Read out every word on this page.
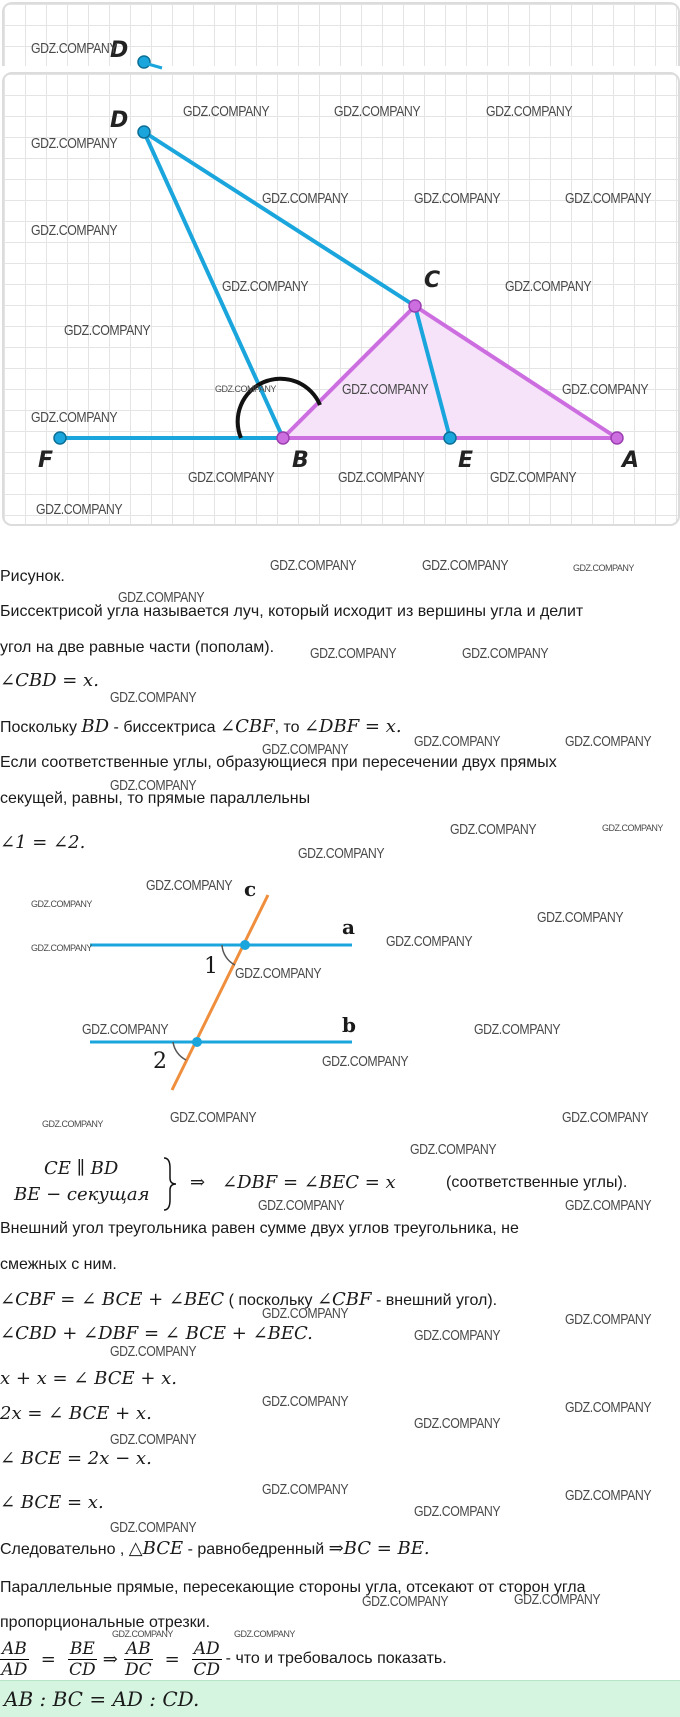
D
D
C
F	B	E	A
Рисунок.
Биссектрисой угла называется луч, который исходит из вершины угла и делит
угол на две равные части (пополам).
∠CBD = x.
Поскольку BD - биссектриса ∠CBF, то ∠DBF = x.
Если соответственные углы, образующиеся при пересечении двух прямых
секущей, равны, то прямые параллельны
∠1 = ∠2.
c
a
b
1
2
CE ∥ BD
BE − секущая
⇒ ∠DBF = ∠BEC = x	(соответственные углы).
Внешний угол треугольника равен сумме двух углов треугольника, не
смежных с ним.
∠CBF = ∠ BCE + ∠BEC ( поскольку ∠CBF - внешний угол).
∠CBD + ∠DBF = ∠ BCE + ∠BEC.
x + x = ∠ BCE + x.
2x = ∠ BCE + x.
∠ BCE = 2x − x.
∠ BCE = x.
Следовательно , △BCE - равнобедренный ⇒BC = BE.
Параллельные прямые, пересекающие стороны угла, отсекают от сторон угла
пропорциональные отрезки.
$\frac{AB}{AD} = \frac{BE}{CD}$ ⇒ $\frac{AB}{DC} = \frac{AD}{CD}$ - что и требовалось показать.
AB : BC = AD : CD.
GDZ.COMPANY
GDZ.COMPANY	GDZ.COMPANY	GDZ.COMPANY
GDZ.COMPANY
GDZ.COMPANY	GDZ.COMPANY	GDZ.COMPANY
GDZ.COMPANY
GDZ.COMPANY	GDZ.COMPANY
GDZ.COMPANY
GDZ.COMPANY	GDZ.COMPANY	GDZ.COMPANY
GDZ.COMPANY
GDZ.COMPANY	GDZ.COMPANY	GDZ.COMPANY
GDZ.COMPANY
GDZ.COMPANY	GDZ.COMPANY	GDZ.COMPANY
GDZ.COMPANY
GDZ.COMPANY	GDZ.COMPANY
GDZ.COMPANY
GDZ.COMPANY	GDZ.COMPANY	GDZ.COMPANY
GDZ.COMPANY
GDZ.COMPANY	GDZ.COMPANY
GDZ.COMPANY
GDZ.COMPANY
GDZ.COMPANY
GDZ.COMPANY
GDZ.COMPANY
GDZ.COMPANY
GDZ.COMPANY
GDZ.COMPANY	GDZ.COMPANY
GDZ.COMPANY
GDZ.COMPANY	GDZ.COMPANY	GDZ.COMPANY
GDZ.COMPANY
GDZ.COMPANY	GDZ.COMPANY
GDZ.COMPANY
GDZ.COMPANY
GDZ.COMPANY
GDZ.COMPANY
GDZ.COMPANY
GDZ.COMPANY
GDZ.COMPANY
GDZ.COMPANY
GDZ.COMPANY
GDZ.COMPANY
GDZ.COMPANY
GDZ.COMPANY
GDZ.COMPANY	GDZ.COMPANY
GDZ.COMPANY	GDZ.COMPANY
